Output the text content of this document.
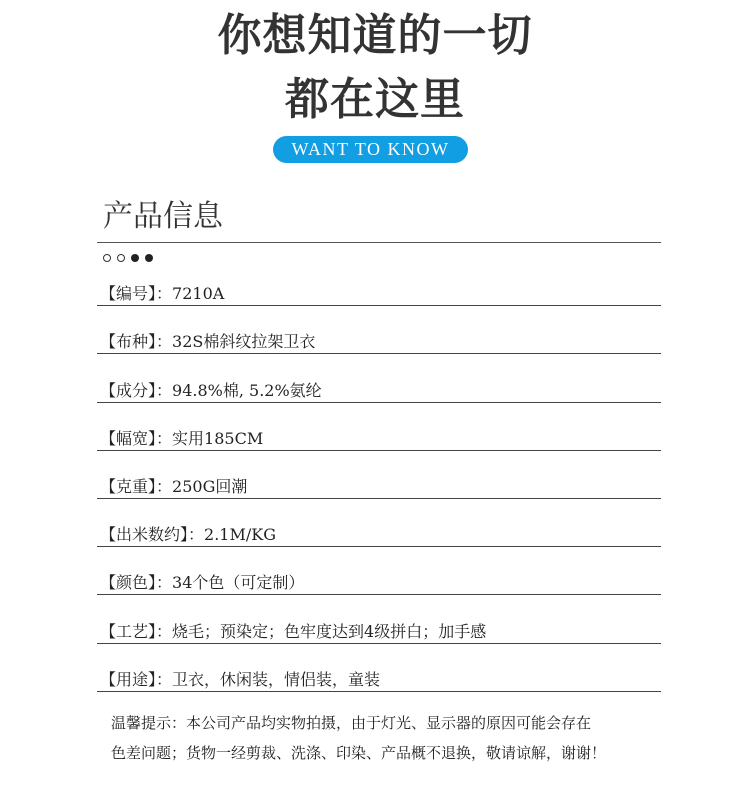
你想知道的一切
都在这里
WANT TO KNOW
产品信息
【编号】：7210A
【布种】：32S棉斜纹拉架卫衣
【成分】：94.8%棉, 5.2%氨纶
【幅宽】：实用185CM
【克重】：250G回潮
【出米数约】：2.1M/KG
【颜色】：34个色（可定制）
【工艺】：烧毛；预染定；色牢度达到4级拼白；加手感
【用途】：卫衣，休闲装，情侣装，童装
温馨提示：本公司产品均实物拍摄，由于灯光、显示器的原因可能会存在
色差问题；货物一经剪裁、洗涤、印染、产品概不退换，敬请谅解，谢谢！
